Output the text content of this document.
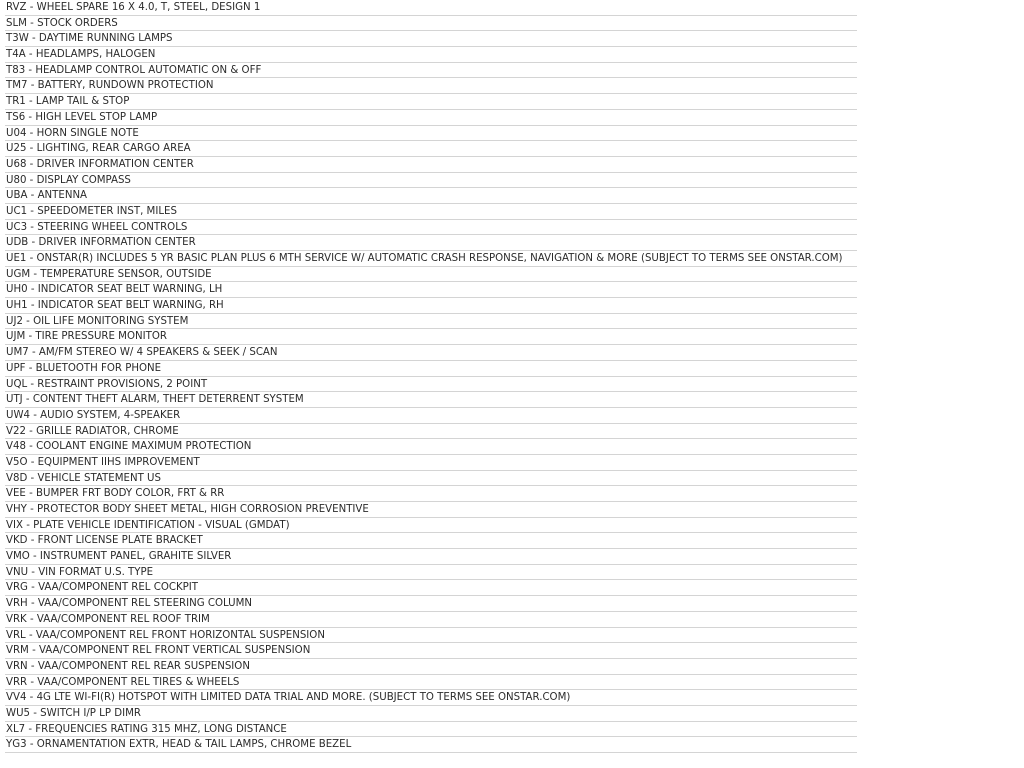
RVZ - WHEEL SPARE 16 X 4.0, T, STEEL, DESIGN 1
SLM - STOCK ORDERS
T3W - DAYTIME RUNNING LAMPS
T4A - HEADLAMPS, HALOGEN
T83 - HEADLAMP CONTROL AUTOMATIC ON & OFF
TM7 - BATTERY, RUNDOWN PROTECTION
TR1 - LAMP TAIL & STOP
TS6 - HIGH LEVEL STOP LAMP
U04 - HORN SINGLE NOTE
U25 - LIGHTING, REAR CARGO AREA
U68 - DRIVER INFORMATION CENTER
U80 - DISPLAY COMPASS
UBA - ANTENNA
UC1 - SPEEDOMETER INST, MILES
UC3 - STEERING WHEEL CONTROLS
UDB - DRIVER INFORMATION CENTER
UE1 - ONSTAR(R) INCLUDES 5 YR BASIC PLAN PLUS 6 MTH SERVICE W/ AUTOMATIC CRASH RESPONSE, NAVIGATION & MORE (SUBJECT TO TERMS SEE ONSTAR.COM)
UGM - TEMPERATURE SENSOR, OUTSIDE
UH0 - INDICATOR SEAT BELT WARNING, LH
UH1 - INDICATOR SEAT BELT WARNING, RH
UJ2 - OIL LIFE MONITORING SYSTEM
UJM - TIRE PRESSURE MONITOR
UM7 - AM/FM STEREO W/ 4 SPEAKERS & SEEK / SCAN
UPF - BLUETOOTH FOR PHONE
UQL - RESTRAINT PROVISIONS, 2 POINT
UTJ - CONTENT THEFT ALARM, THEFT DETERRENT SYSTEM
UW4 - AUDIO SYSTEM, 4-SPEAKER
V22 - GRILLE RADIATOR, CHROME
V48 - COOLANT ENGINE MAXIMUM PROTECTION
V5O - EQUIPMENT IIHS IMPROVEMENT
V8D - VEHICLE STATEMENT US
VEE - BUMPER FRT BODY COLOR, FRT & RR
VHY - PROTECTOR BODY SHEET METAL, HIGH CORROSION PREVENTIVE
VIX - PLATE VEHICLE IDENTIFICATION - VISUAL (GMDAT)
VKD - FRONT LICENSE PLATE BRACKET
VMO - INSTRUMENT PANEL, GRAHITE SILVER
VNU - VIN FORMAT U.S. TYPE
VRG - VAA/COMPONENT REL COCKPIT
VRH - VAA/COMPONENT REL STEERING COLUMN
VRK - VAA/COMPONENT REL ROOF TRIM
VRL - VAA/COMPONENT REL FRONT HORIZONTAL SUSPENSION
VRM - VAA/COMPONENT REL FRONT VERTICAL SUSPENSION
VRN - VAA/COMPONENT REL REAR SUSPENSION
VRR - VAA/COMPONENT REL TIRES & WHEELS
VV4 - 4G LTE WI-FI(R) HOTSPOT WITH LIMITED DATA TRIAL AND MORE. (SUBJECT TO TERMS SEE ONSTAR.COM)
WU5 - SWITCH I/P LP DIMR
XL7 - FREQUENCIES RATING 315 MHZ, LONG DISTANCE
YG3 - ORNAMENTATION EXTR, HEAD & TAIL LAMPS, CHROME BEZEL
